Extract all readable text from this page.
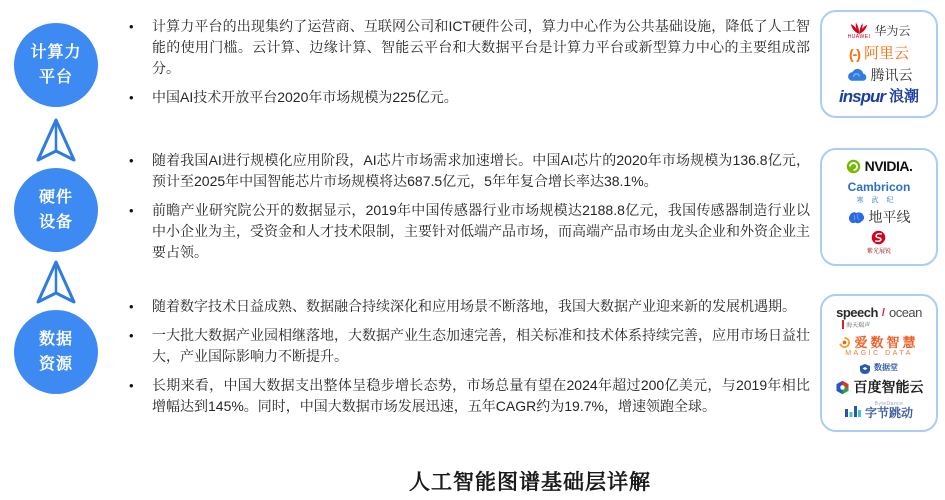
计算力
平台
硬件
设备
数据
资源
•	计算力平台的出现集约了运营商、互联网公司和ICT硬件公司，算力中心作为公共基础设施，降低了人工智能的使用门槛。云计算、边缘计算、智能云平台和大数据平台是计算力平台或新型算力中心的主要组成部分。
•	中国AI技术开放平台2020年市场规模为225亿元。
•	随着我国AI进行规模化应用阶段，AI芯片市场需求加速增长。中国AI芯片的2020年市场规模为136.8亿元，预计至2025年中国智能芯片市场规模将达687.5亿元，5年年复合增长率达38.1%。
•	前瞻产业研究院公开的数据显示，2019年中国传感器行业市场规模达2188.8亿元，我国传感器制造行业以中小企业为主，受资金和人才技术限制，主要针对低端产品市场，而高端产品市场由龙头企业和外资企业主要占领。
•	随着数字技术日益成熟、数据融合持续深化和应用场景不断落地，我国大数据产业迎来新的发展机遇期。
•	一大批大数据产业园相继落地，大数据产业生态加速完善，相关标准和技术体系持续完善，应用市场日益壮大，产业国际影响力不断提升。
•	长期来看，中国大数据支出整体呈稳步增长态势，市场总量有望在2024年超过200亿美元，与2019年相比增幅达到145%。同时，中国大数据市场发展迅速，五年CAGR约为19.7%，增速领跑全球。
HUAWEI 华为云
(-) 阿里云
腾讯云
inspur 浪潮
NVIDIA.
Cambricon
寒武纪
地平线
紫光展锐
speech / ocean
海天瑞声
爱数智慧
MAGIC DATA
数据堂
百度智能云
ByteDance
字节跳动
人工智能图谱基础层详解
